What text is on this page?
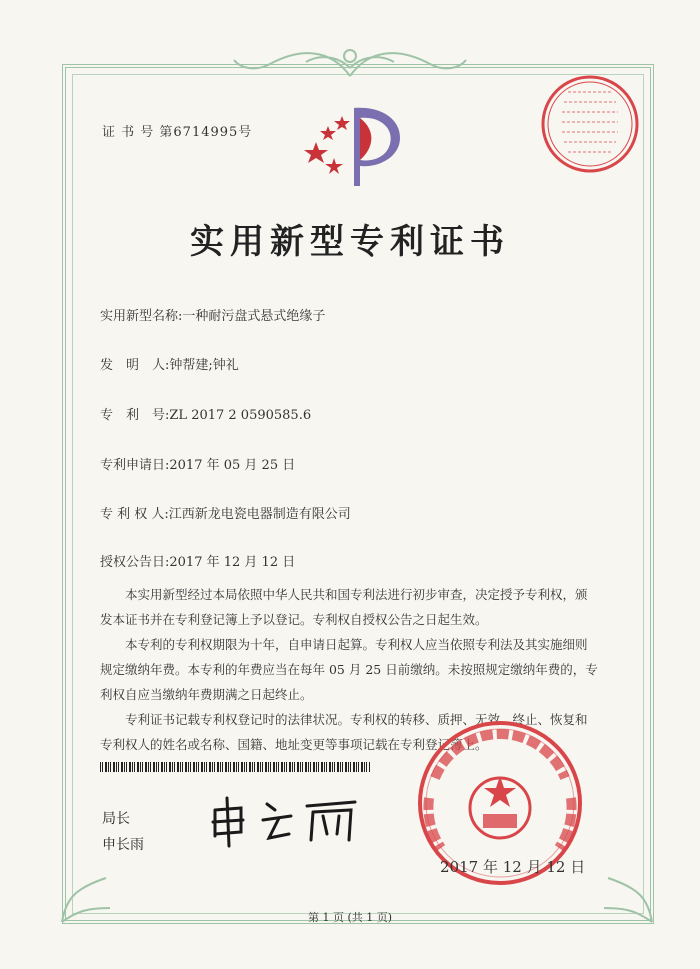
证 书 号 第6714995号
实用新型专利证书
实用新型名称:一种耐污盘式悬式绝缘子
发　明　人:钟帮建;钟礼
专　利　号:ZL 2017 2 0590585.6
专利申请日:2017 年 05 月 25 日
专 利 权 人:江西新龙电瓷电器制造有限公司
授权公告日:2017 年 12 月 12 日

本实用新型经过本局依照中华人民共和国专利法进行初步审查，决定授予专利权，颁

发本证书并在专利登记簿上予以登记。专利权自授权公告之日起生效。

本专利的专利权期限为十年，自申请日起算。专利权人应当依照专利法及其实施细则

规定缴纳年费。本专利的年费应当在每年 05 月 25 日前缴纳。未按照规定缴纳年费的，专

利权自应当缴纳年费期满之日起终止。

专利证书记载专利权登记时的法律状况。专利权的转移、质押、无效、终止、恢复和

专利权人的姓名或名称、国籍、地址变更等事项记载在专利登记簿上。

局长
申长雨
2017 年 12 月 12 日
第 1 页 (共 1 页)
